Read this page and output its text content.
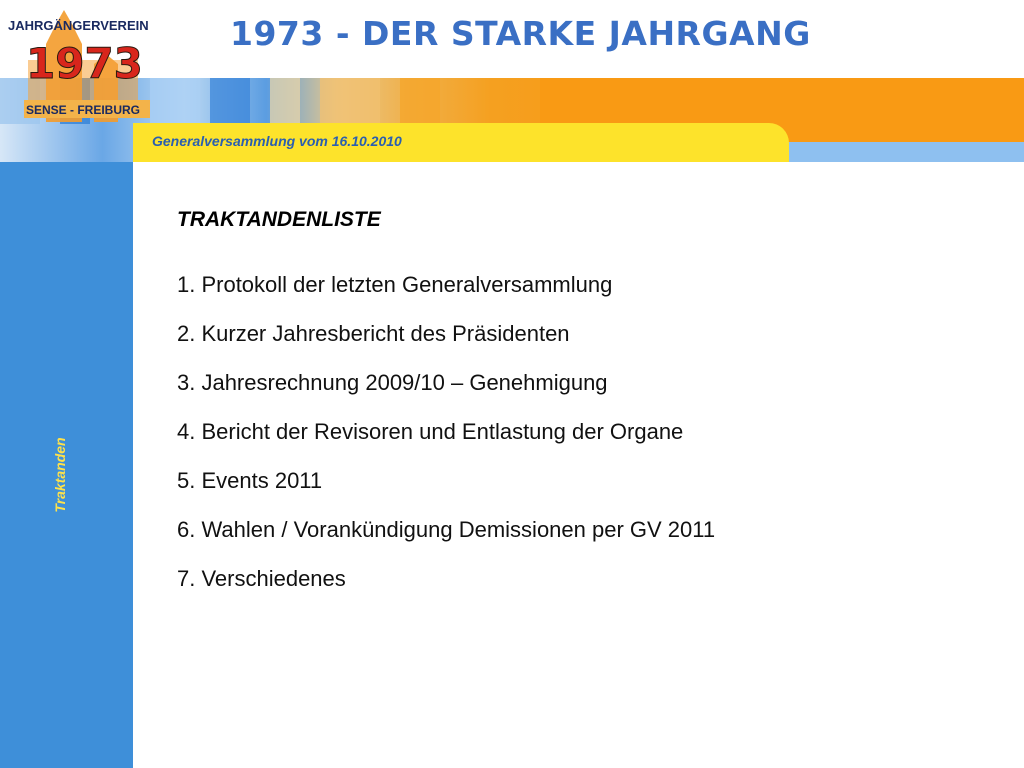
Generalversammlung vom 16.10.2010
1973 - DER STARKE JAHRGANG
JAHRGÄNGERVEREIN
1973
SENSE - FREIBURG
Traktanden
TRAKTANDENLISTE
1. Protokoll der letzten Generalversammlung
2. Kurzer Jahresbericht des Präsidenten
3. Jahresrechnung 2009/10 – Genehmigung
4. Bericht der Revisoren und Entlastung der Organe
5. Events 2011
6. Wahlen / Vorankündigung Demissionen per GV 2011
7. Verschiedenes
